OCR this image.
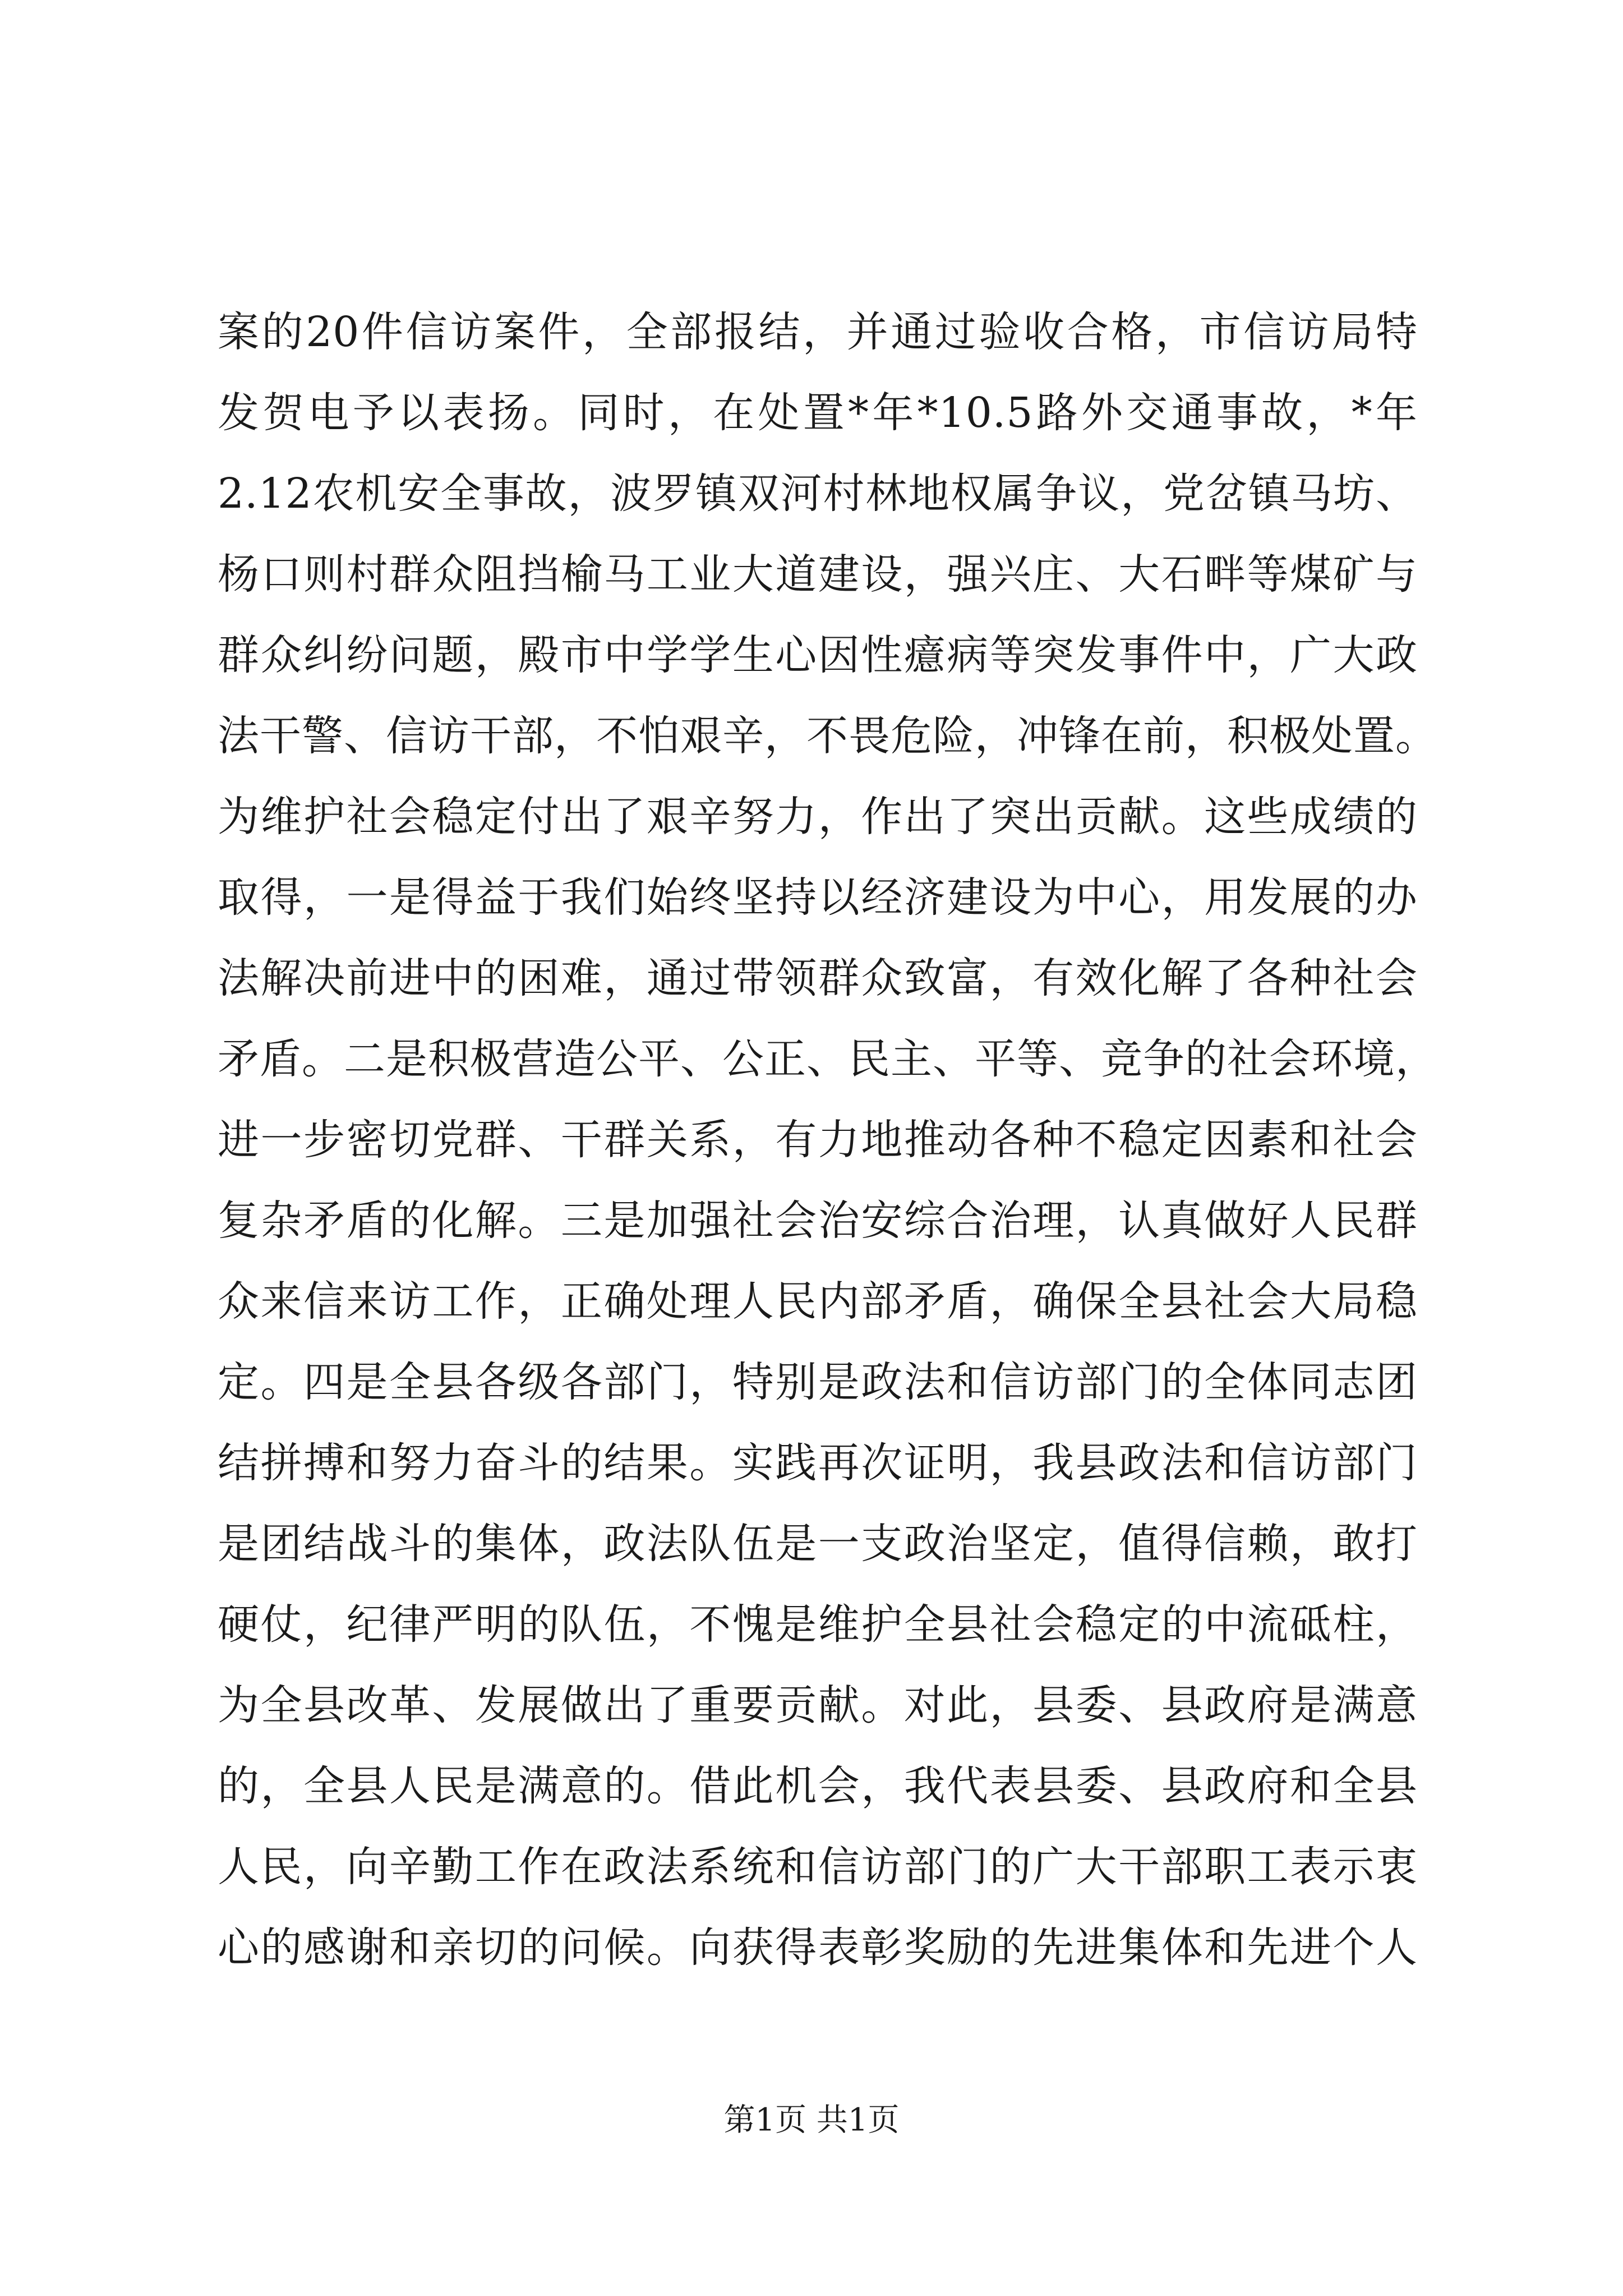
案的20件信访案件，全部报结，并通过验收合格，市信访局特
发贺电予以表扬。同时，在处置*年*10.5路外交通事故，*年
2.12农机安全事故，波罗镇双河村林地权属争议，党岔镇马坊、
杨口则村群众阻挡榆马工业大道建设，强兴庄、大石畔等煤矿与
群众纠纷问题，殿市中学学生心因性癔病等突发事件中，广大政
法干警、信访干部，不怕艰辛，不畏危险，冲锋在前，积极处置。
为维护社会稳定付出了艰辛努力，作出了突出贡献。这些成绩的
取得，一是得益于我们始终坚持以经济建设为中心，用发展的办
法解决前进中的困难，通过带领群众致富，有效化解了各种社会
矛盾。二是积极营造公平、公正、民主、平等、竞争的社会环境，
进一步密切党群、干群关系，有力地推动各种不稳定因素和社会
复杂矛盾的化解。三是加强社会治安综合治理，认真做好人民群
众来信来访工作，正确处理人民内部矛盾，确保全县社会大局稳
定。四是全县各级各部门，特别是政法和信访部门的全体同志团
结拼搏和努力奋斗的结果。实践再次证明，我县政法和信访部门
是团结战斗的集体，政法队伍是一支政治坚定，值得信赖，敢打
硬仗，纪律严明的队伍，不愧是维护全县社会稳定的中流砥柱，
为全县改革、发展做出了重要贡献。对此，县委、县政府是满意
的，全县人民是满意的。借此机会，我代表县委、县政府和全县
人民，向辛勤工作在政法系统和信访部门的广大干部职工表示衷
心的感谢和亲切的问候。向获得表彰奖励的先进集体和先进个人
第1页 共1页
